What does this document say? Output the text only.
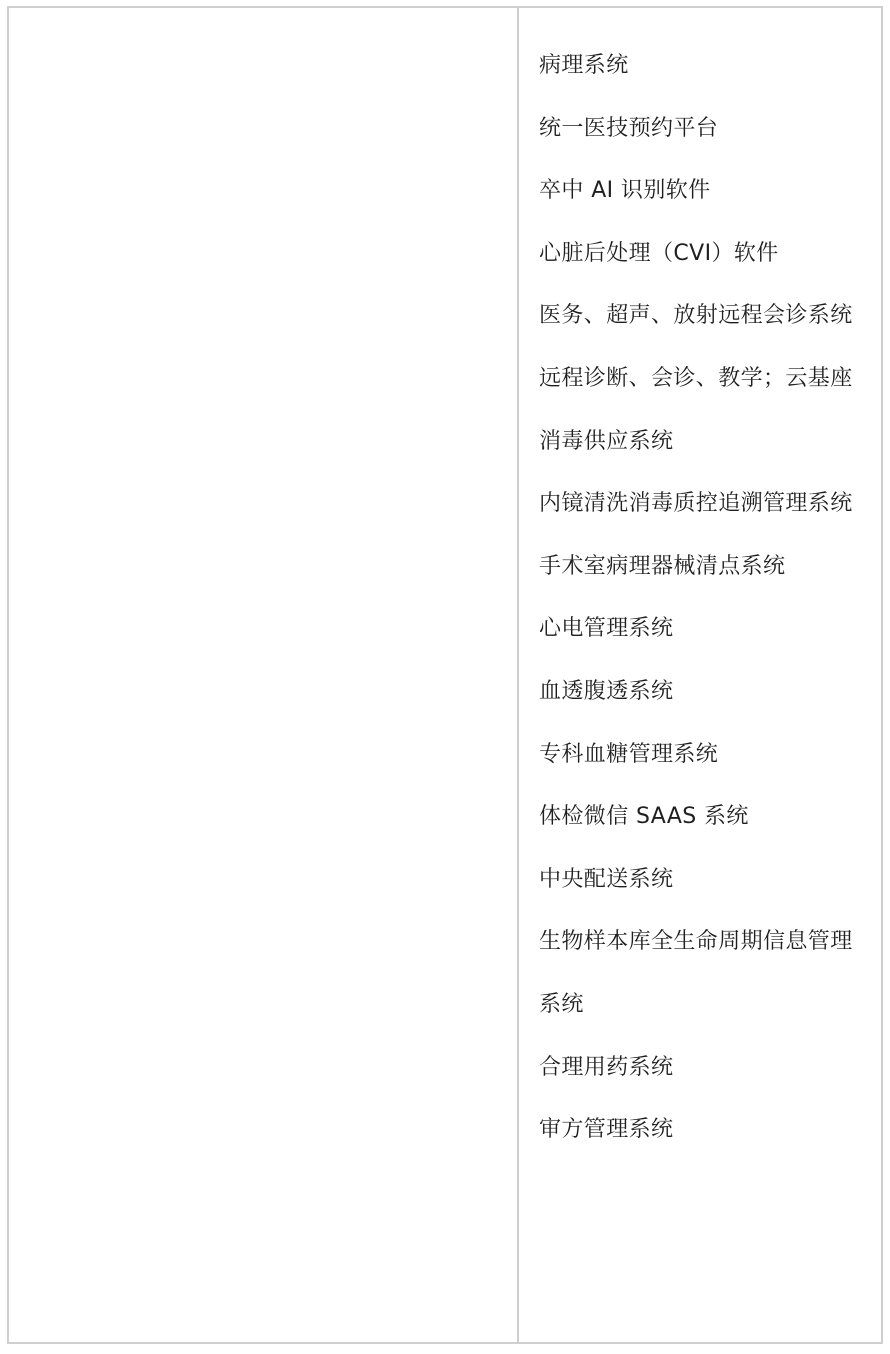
病理系统
统一医技预约平台
卒中 AI 识别软件
心脏后处理（CVI）软件
医务、超声、放射远程会诊系统
远程诊断、会诊、教学；云基座
消毒供应系统
内镜清洗消毒质控追溯管理系统
手术室病理器械清点系统
心电管理系统
血透腹透系统
专科血糖管理系统
体检微信 SAAS 系统
中央配送系统
生物样本库全生命周期信息管理系统
合理用药系统
审方管理系统
